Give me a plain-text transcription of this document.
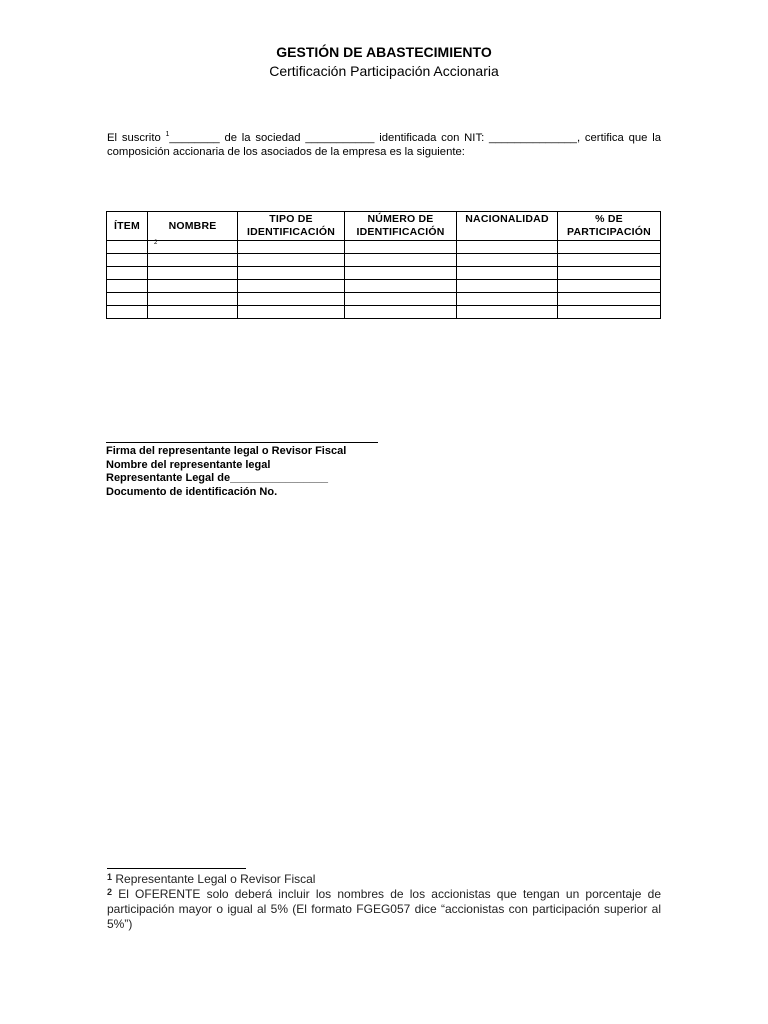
GESTIÓN DE ABASTECIMIENTO
Certificación Participación Accionaria
El suscrito $^1$________ de la sociedad ___________ identificada con NIT: ______________, certifica que la
composición accionaria de los asociados de la empresa es la siguiente:
ÍTEM	NOMBRE	TIPO DE IDENTIFICACIÓN	NÚMERO DE IDENTIFICACIÓN	NACIONALIDAD	% DE PARTICIPACIÓN

	2				

Firma del representante legal o Revisor Fiscal
Nombre del representante legal
Representante Legal de________________
Documento de identificación No.

$^1$ Representante Legal o Revisor Fiscal

$^2$ El OFERENTE solo deberá incluir los nombres de los accionistas que tengan un porcentaje de participación mayor o igual al 5% (El formato FGEG057 dice “accionistas con participación superior al 5%”)
